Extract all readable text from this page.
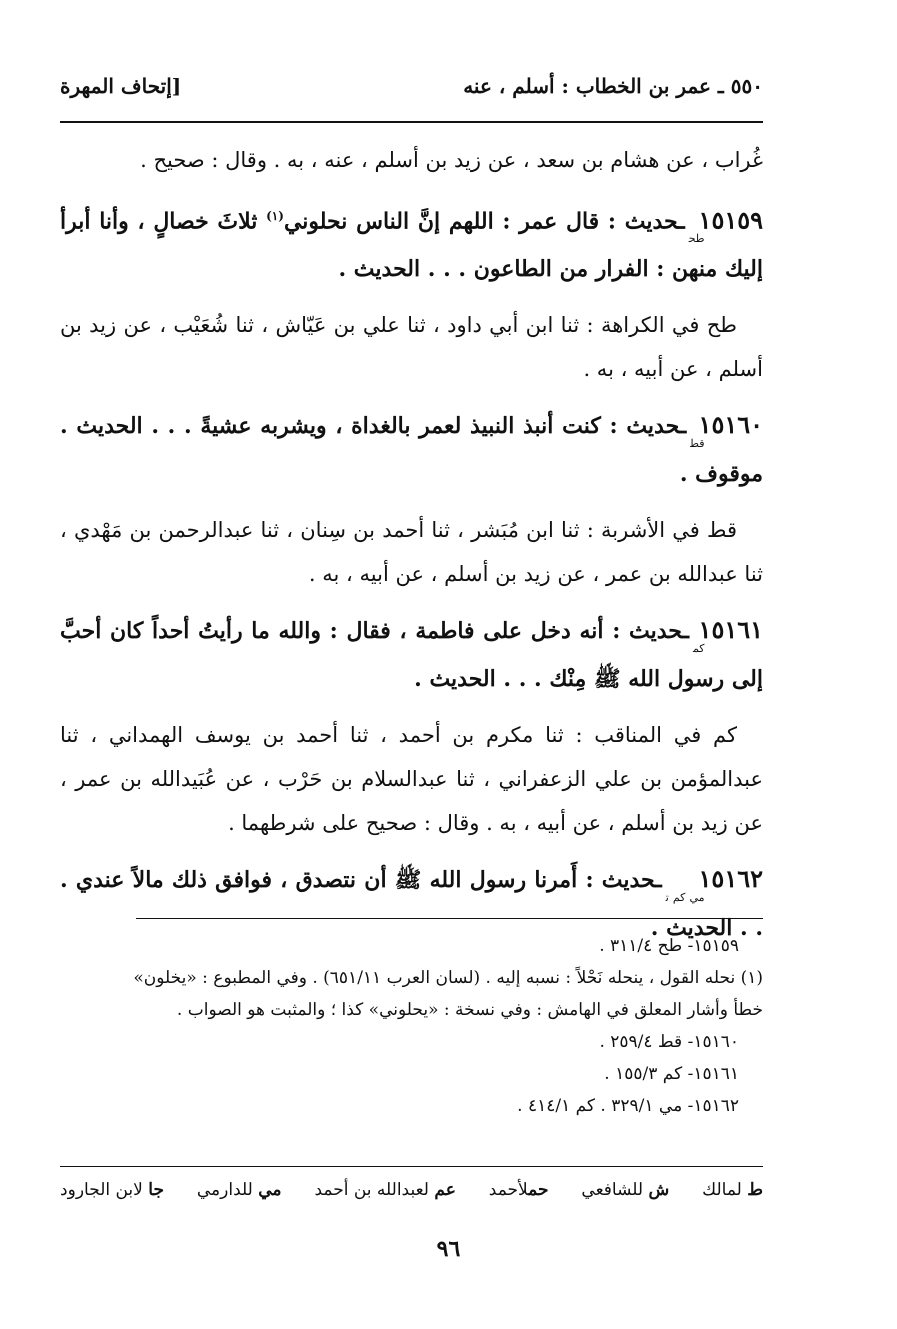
٥٥٠ ـ عمر بن الخطاب : أسلم ، عنه
[إتحاف المهرة

غُراب ، عن هشام بن سعد ، عن زيد بن أسلم ، عنه ، به . وقال : صحيح .

$١٥١٥٩_{طح}ـحديث$ : قال عمر : اللهم إنَّ الناس نحلوني$^{(١)}$ ثلاثَ خصالٍ ، وأنا أبرأ إليك منهن : الفرار من الطاعون . . . الحديث .

طح في الكراهة : ثنا ابن أبي داود ، ثنا علي بن عَيّاش ، ثنا شُعَيْب ، عن زيد بن أسلم ، عن أبيه ، به .

$١٥١٦٠_{قط}ـحديث$ : كنت أنبذ النبيذ لعمر بالغداة ، ويشربه عشيةً . . . الحديث . موقوف .

قط في الأشربة : ثنا ابن مُبَشر ، ثنا أحمد بن سِنان ، ثنا عبدالرحمن بن مَهْدي ، ثنا عبدالله بن عمر ، عن زيد بن أسلم ، عن أبيه ، به .

$١٥١٦١_{كم}ـحديث$ : أنه دخل على فاطمة ، فقال : والله ما رأيتُ أحداً كان أحبَّ إلى رسول الله ﷺ مِنْك . . . الحديث .

كم في المناقب : ثنا مكرم بن أحمد ، ثنا أحمد بن يوسف الهمداني ، ثنا عبدالمؤمن بن علي الزعفراني ، ثنا عبدالسلام بن حَرْب ، عن عُبَيدالله بن عمر ، عن زيد بن أسلم ، عن أبيه ، به . وقال : صحيح على شرطهما .

$١٥١٦٢_{مي كم ت}ـحديث$ : أَمرنا رسول الله ﷺ أن نتصدق ، فوافق ذلك مالاً عندي . . . الحديث .

١٥١٥٩- طح ٣١١/٤ .

(١) نحله القول ، ينحله نَحْلاً : نسبه إليه . (لسان العرب ٦٥١/١١) . وفي المطبوع : «يخلون»

خطأ وأشار المعلق في الهامش : وفي نسخة : «يحلوني» كذا ؛ والمثبت هو الصواب .

١٥١٦٠- قط ٢٥٩/٤ .

١٥١٦١- كم ١٥٥/٣ .

١٥١٦٢- مي ٣٢٩/١ . كم ٤١٤/١ .

ط لمالك
ش للشافعي
حملأحمد
عم لعبدالله بن أحمد
مي للدارمي
جا لابن الجارود
٩٦
